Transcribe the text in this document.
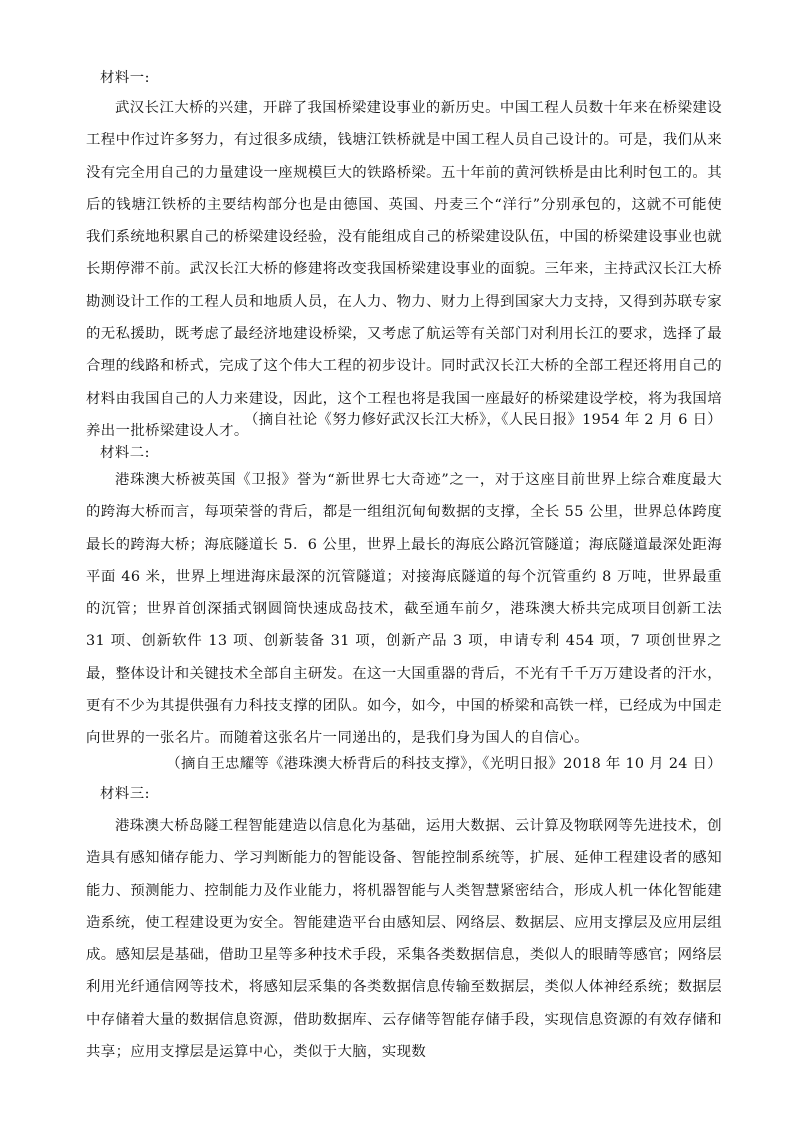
材料一:

武汉长江大桥的兴建，开辟了我国桥梁建设事业的新历史。中国工程人员数十年来在桥梁建设工程中作过许多努力，有过很多成绩，钱塘江铁桥就是中国工程人员自己设计的。可是，我们从来没有完全用自己的力量建设一座规模巨大的铁路桥梁。五十年前的黄河铁桥是由比利时包工的。其后的钱塘江铁桥的主要结构部分也是由德国、英国、丹麦三个“洋行”分别承包的，这就不可能使我们系统地积累自己的桥梁建设经验，没有能组成自己的桥梁建设队伍，中国的桥梁建设事业也就长期停滞不前。武汉长江大桥的修建将改变我国桥梁建设事业的面貌。三年来，主持武汉长江大桥勘测设计工作的工程人员和地质人员，在人力、物力、财力上得到国家大力支持，又得到苏联专家的无私援助，既考虑了最经济地建设桥梁，又考虑了航运等有关部门对利用长江的要求，选择了最合理的线路和桥式，完成了这个伟大工程的初步设计。同时武汉长江大桥的全部工程还将用自己的材料由我国自己的人力来建设，因此，这个工程也将是我国一座最好的桥梁建设学校，将为我国培养出一批桥梁建设人才。

（摘自社论《努力修好武汉长江大桥》，《人民日报》1954 年 2 月 6 日）
材料二:

港珠澳大桥被英国《卫报》誉为“新世界七大奇迹”之一，对于这座目前世界上综合难度最大的跨海大桥而言，每项荣誉的背后，都是一组组沉甸甸数据的支撑，全长 55 公里，世界总体跨度最长的跨海大桥；海底隧道长 5．6 公里，世界上最长的海底公路沉管隧道；海底隧道最深处距海平面 46 米，世界上埋进海床最深的沉管隧道；对接海底隧道的每个沉管重约 8 万吨，世界最重的沉管；世界首创深插式钢圆筒快速成岛技术，截至通车前夕，港珠澳大桥共完成项目创新工法 31 项、创新软件 13 项、创新装备 31 项，创新产品 3 项，申请专利 454 项，7 项创世界之最，整体设计和关键技术全部自主研发。在这一大国重器的背后，不光有千千万万建设者的汗水，更有不少为其提供强有力科技支撑的团队。如今，如今，中国的桥梁和高铁一样，已经成为中国走向世界的一张名片。而随着这张名片一同递出的，是我们身为国人的自信心。

（摘自王忠耀等《港珠澳大桥背后的科技支撑》，《光明日报》2018 年 10 月 24 日）
材料三:

港珠澳大桥岛隧工程智能建造以信息化为基础，运用大数据、云计算及物联网等先进技术，创造具有感知储存能力、学习判断能力的智能设备、智能控制系统等，扩展、延伸工程建设者的感知能力、预测能力、控制能力及作业能力，将机器智能与人类智慧紧密结合，形成人机一体化智能建造系统，使工程建设更为安全。智能建造平台由感知层、网络层、数据层、应用支撑层及应用层组成。感知层是基础，借助卫星等多种技术手段，采集各类数据信息，类似人的眼睛等感官；网络层利用光纤通信网等技术，将感知层采集的各类数据信息传输至数据层，类似人体神经系统；数据层中存储着大量的数据信息资源，借助数据库、云存储等智能存储手段，实现信息资源的有效存储和共享；应用支撑层是运算中心，类似于大脑，实现数
